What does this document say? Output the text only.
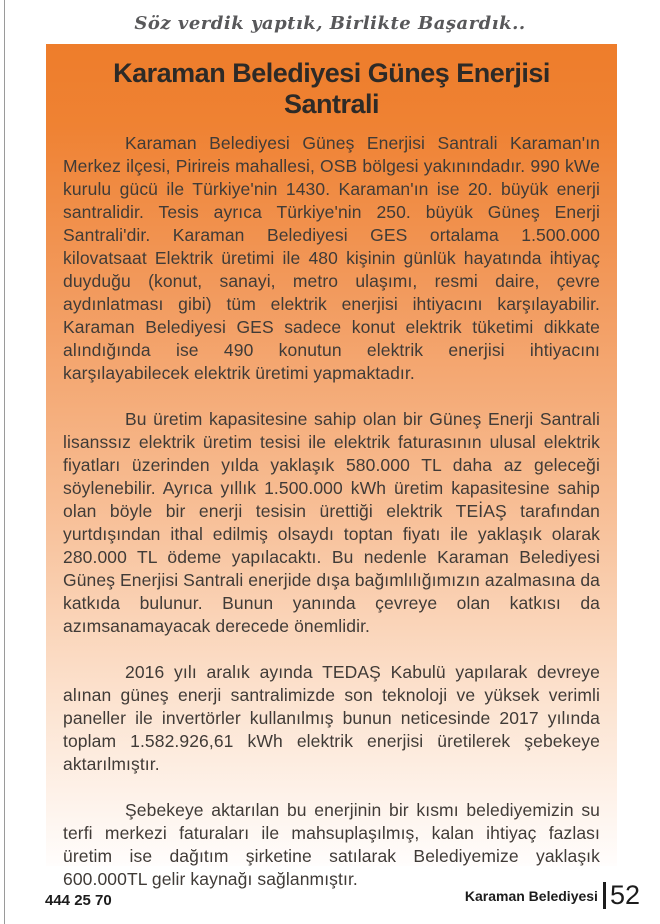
Söz verdik yaptık, Birlikte Başardık..
Karaman Belediyesi Güneş Enerjisi Santrali

Karaman Belediyesi Güneş Enerjisi Santrali Karaman'ın Merkez ilçesi, Pirireis mahallesi, OSB bölgesi yakınındadır. 990 kWe kurulu gücü ile Türkiye'nin 1430. Karaman'ın ise 20. büyük enerji santralidir. Tesis ayrıca Türkiye'nin 250. büyük Güneş Enerji Santrali'dir. Karaman Belediyesi GES ortalama 1.500.000 kilovatsaat Elektrik üretimi ile 480 kişinin günlük hayatında ihtiyaç duyduğu (konut, sanayi, metro ulaşımı, resmi daire, çevre aydınlatması gibi) tüm elektrik enerjisi ihtiyacını karşılayabilir. Karaman Belediyesi GES sadece konut elektrik tüketimi dikkate alındığında ise 490 konutun elektrik enerjisi ihtiyacını karşılayabilecek elektrik üretimi yapmaktadır.

Bu üretim kapasitesine sahip olan bir Güneş Enerji Santrali lisanssız elektrik üretim tesisi ile elektrik faturasının ulusal elektrik fiyatları üzerinden yılda yaklaşık 580.000 TL daha az geleceği söylenebilir. Ayrıca yıllık 1.500.000 kWh üretim kapasitesine sahip olan böyle bir enerji tesisin ürettiği elektrik TEİAŞ tarafından yurtdışından ithal edilmiş olsaydı toptan fiyatı ile yaklaşık olarak 280.000 TL ödeme yapılacaktı. Bu nedenle Karaman Belediyesi Güneş Enerjisi Santrali enerjide dışa bağımlılığımızın azalmasına da katkıda bulunur. Bunun yanında çevreye olan katkısı da azımsanamayacak derecede önemlidir.

2016 yılı aralık ayında TEDAŞ Kabulü yapılarak devreye alınan güneş enerji santralimizde son teknoloji ve yüksek verimli paneller ile invertörler kullanılmış bunun neticesinde 2017 yılında toplam 1.582.926,61 kWh elektrik enerjisi üretilerek şebekeye aktarılmıştır.

Şebekeye aktarılan bu enerjinin bir kısmı belediyemizin su terfi merkezi faturaları ile mahsuplaşılmış, kalan ihtiyaç fazlası üretim ise dağıtım şirketine satılarak Belediyemize yaklaşık 600.000TL gelir kaynağı sağlanmıştır.

444 25 70	Karaman Belediyesi 52
